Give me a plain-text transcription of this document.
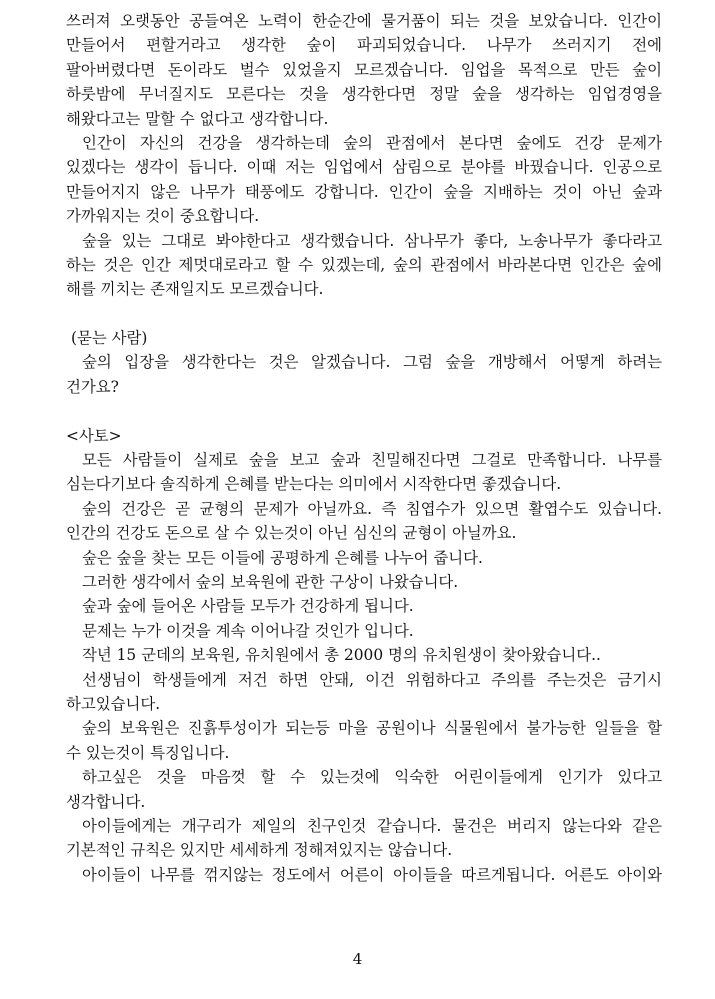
쓰러져 오랫동안 공들여온 노력이 한순간에 물거품이 되는 것을 보았습니다. 인간이
만들어서 편할거라고 생각한 숲이 파괴되었습니다. 나무가 쓰러지기 전에
팔아버렸다면 돈이라도 벌수 있었을지 모르겠습니다. 임업을 목적으로 만든 숲이
하룻밤에 무너질지도 모른다는 것을 생각한다면 정말 숲을 생각하는 임업경영을
해왔다고는 말할 수 없다고 생각합니다.
인간이 자신의 건강을 생각하는데 숲의 관점에서 본다면 숲에도 건강 문제가
있겠다는 생각이 듭니다. 이때 저는 임업에서 삼림으로 분야를 바꿨습니다. 인공으로
만들어지지 않은 나무가 태풍에도 강합니다. 인간이 숲을 지배하는 것이 아닌 숲과
가까워지는 것이 중요합니다.
숲을 있는 그대로 봐야한다고 생각했습니다. 삼나무가 좋다, 노송나무가 좋다라고
하는 것은 인간 제멋대로라고 할 수 있겠는데, 숲의 관점에서 바라본다면 인간은 숲에
해를 끼치는 존재일지도 모르겠습니다.
(묻는 사람)
숲의 입장을 생각한다는 것은 알겠습니다. 그럼 숲을 개방해서 어떻게 하려는
건가요?
<사토>
모든 사람들이 실제로 숲을 보고 숲과 친밀해진다면 그걸로 만족합니다. 나무를
심는다기보다 솔직하게 은혜를 받는다는 의미에서 시작한다면 좋겠습니다.
숲의 건강은 곧 균형의 문제가 아닐까요. 즉 침엽수가 있으면 활엽수도 있습니다.
인간의 건강도 돈으로 살 수 있는것이 아닌 심신의 균형이 아닐까요.
숲은 숲을 찾는 모든 이들에 공평하게 은혜를 나누어 줍니다.
그러한 생각에서 숲의 보육원에 관한 구상이 나왔습니다.
숲과 숲에 들어온 사람들 모두가 건강하게 됩니다.
문제는 누가 이것을 계속 이어나갈 것인가 입니다.
작년 15 군데의 보육원, 유치원에서 총 2000 명의 유치원생이 찾아왔습니다..
선생님이 학생들에게 저건 하면 안돼, 이건 위험하다고 주의를 주는것은 금기시
하고있습니다.
숲의 보육원은 진흙투성이가 되는등 마을 공원이나 식물원에서 불가능한 일들을 할
수 있는것이 특징입니다.
하고싶은 것을 마음껏 할 수 있는것에 익숙한 어린이들에게 인기가 있다고
생각합니다.
아이들에게는 개구리가 제일의 친구인것 같습니다. 물건은 버리지 않는다와 같은
기본적인 규칙은 있지만 세세하게 정해져있지는 않습니다.
아이들이 나무를 꺾지않는 정도에서 어른이 아이들을 따르게됩니다. 어른도 아이와
4
